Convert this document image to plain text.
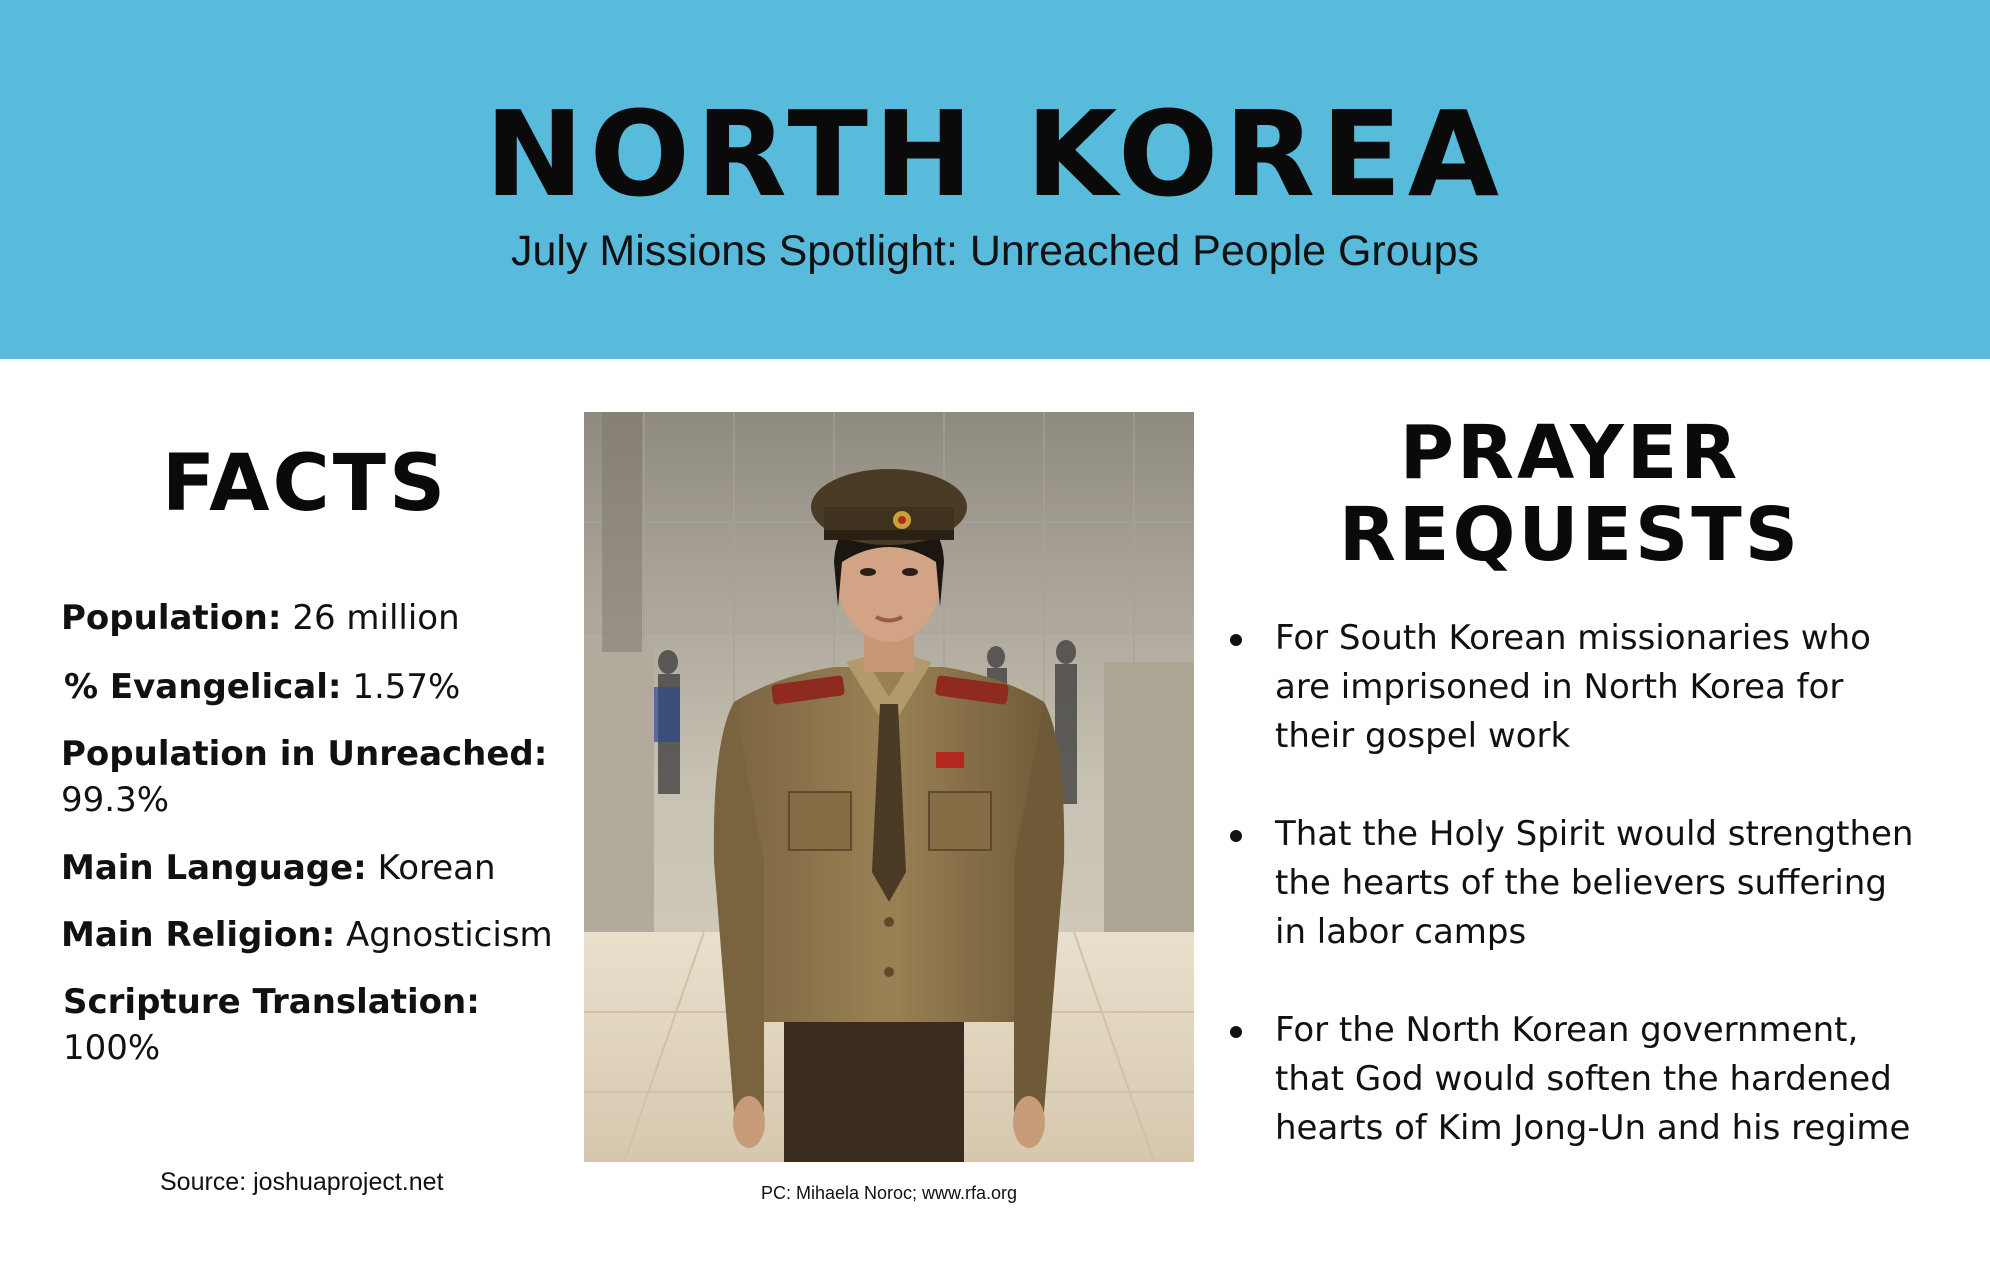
NORTH KOREA
July Missions Spotlight: Unreached People Groups
FACTS
Population: 26 million
% Evangelical: 1.57%
Population in Unreached:
99.3%
Main Language: Korean
Main Religion: Agnosticism
Scripture Translation:
100%
Source: joshuaproject.net	PC: Mihaela Noroc; www.rfa.org
PRAYER
REQUESTS
For South Korean missionaries who
are imprisoned in North Korea for
their gospel work
That the Holy Spirit would strengthen
the hearts of the believers suffering
in labor camps
For the North Korean government,
that God would soften the hardened
hearts of Kim Jong-Un and his regime
